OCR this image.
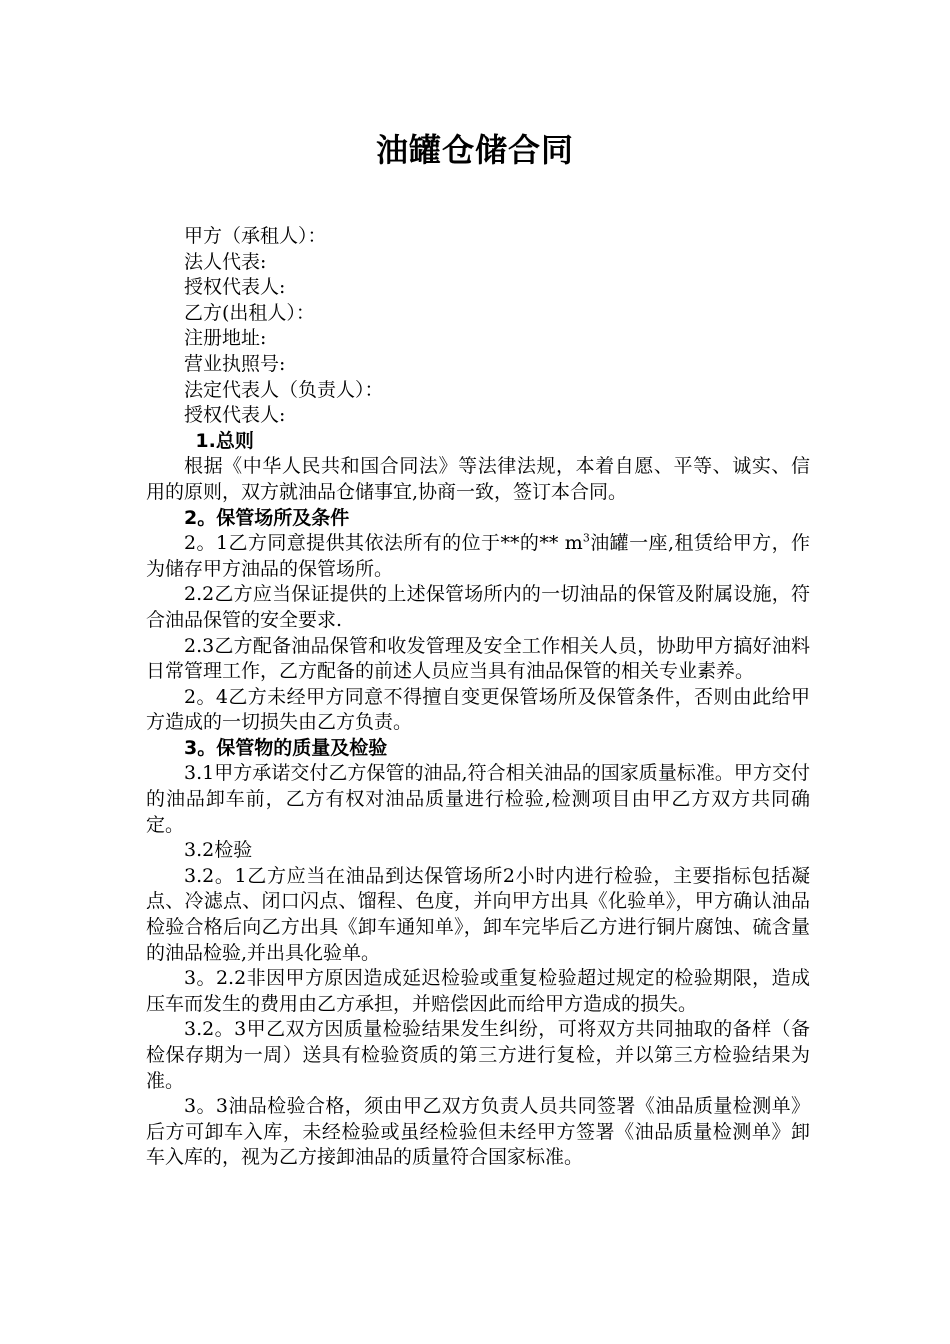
油罐仓储合同

甲方（承租人）：

法人代表:

授权代表人:

乙方(出租人）：

注册地址:

营业执照号:

法定代表人（负责人）：

授权代表人:

1.总则

根据《中华人民共和国合同法》等法律法规，本着自愿、平等、诚实、信用的原则，双方就油品仓储事宜,协商一致，签订本合同。

2。保管场所及条件

2。1乙方同意提供其依法所有的位于**的** $m^3$油罐一座,租赁给甲方，作为储存甲方油品的保管场所。

2.2乙方应当保证提供的上述保管场所内的一切油品的保管及附属设施，符合油品保管的安全要求.

2.3乙方配备油品保管和收发管理及安全工作相关人员，协助甲方搞好油料日常管理工作，乙方配备的前述人员应当具有油品保管的相关专业素养。

2。4乙方未经甲方同意不得擅自变更保管场所及保管条件，否则由此给甲方造成的一切损失由乙方负责。

3。保管物的质量及检验

3.1甲方承诺交付乙方保管的油品,符合相关油品的国家质量标准。甲方交付的油品卸车前，乙方有权对油品质量进行检验,检测项目由甲乙方双方共同确定。

3.2检验

3.2。1乙方应当在油品到达保管场所2小时内进行检验，主要指标包括凝点、冷滤点、闭口闪点、馏程、色度，并向甲方出具《化验单》，甲方确认油品检验合格后向乙方出具《卸车通知单》，卸车完毕后乙方进行铜片腐蚀、硫含量的油品检验,并出具化验单。

3。2.2非因甲方原因造成延迟检验或重复检验超过规定的检验期限，造成压车而发生的费用由乙方承担，并赔偿因此而给甲方造成的损失。

3.2。3甲乙双方因质量检验结果发生纠纷，可将双方共同抽取的备样（备检保存期为一周）送具有检验资质的第三方进行复检，并以第三方检验结果为准。

3。3油品检验合格，须由甲乙双方负责人员共同签署《油品质量检测单》后方可卸车入库，未经检验或虽经检验但未经甲方签署《油品质量检测单》卸车入库的，视为乙方接卸油品的质量符合国家标准。
